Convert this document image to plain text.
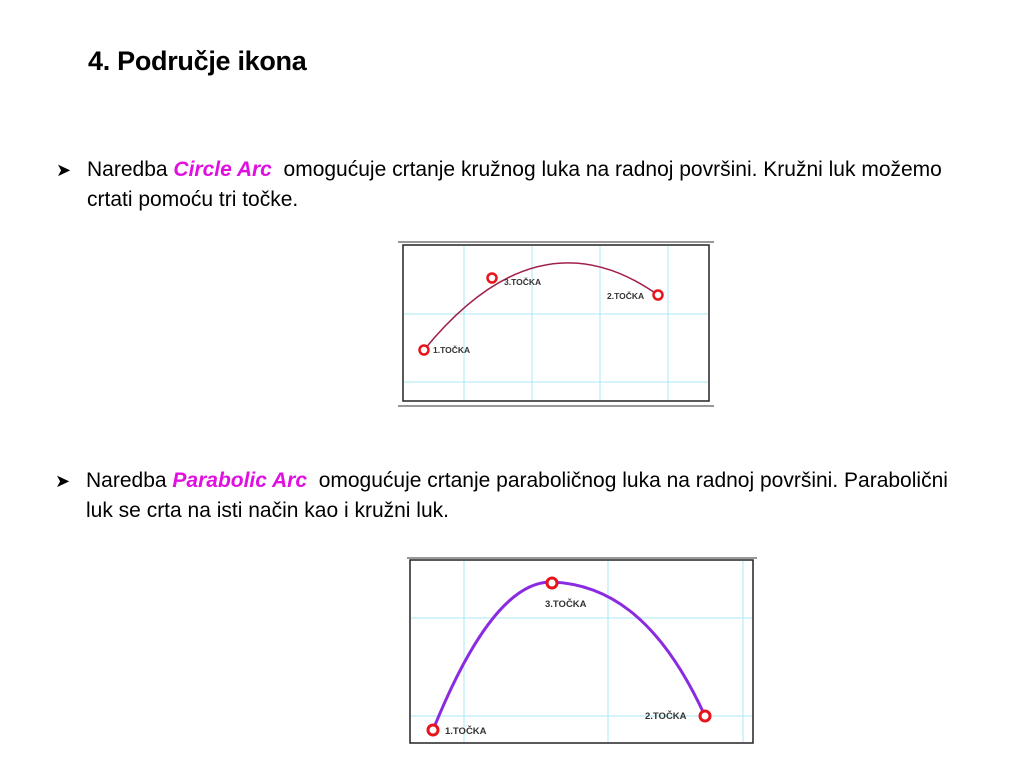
4. Područje ikona
➤ Naredba Circle Arc omogućuje crtanje kružnog luka na radnoj površini. Kružni luk možemo crtati pomoću tri točke.
1.TOČKA
3.TOČKA
2.TOČKA
➤ Naredba Parabolic Arc omogućuje crtanje paraboličnog luka na radnoj površini. Parabolični luk se crta na isti način kao i kružni luk.
1.TOČKA
3.TOČKA
2.TOČKA
